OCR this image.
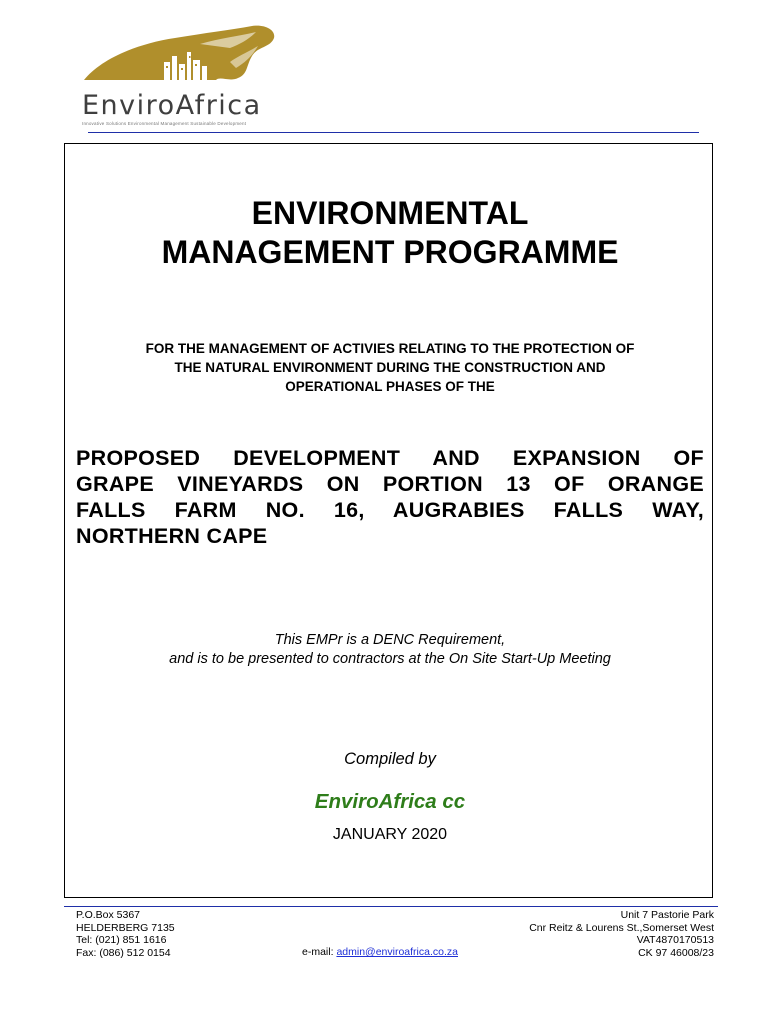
EnviroAfrica
Innovative Solutions Environmental Management Sustainable Development
ENVIRONMENTAL
MANAGEMENT PROGRAMME
FOR THE MANAGEMENT OF ACTIVIES RELATING TO THE PROTECTION OF
THE NATURAL ENVIRONMENT DURING THE CONSTRUCTION AND
OPERATIONAL PHASES OF THE
PROPOSED DEVELOPMENT AND EXPANSION OF
GRAPE VINEYARDS ON PORTION 13 OF ORANGE
FALLS FARM NO. 16, AUGRABIES FALLS WAY,
NORTHERN CAPE
This EMPr is a DENC Requirement,
and is to be presented to contractors at the On Site Start-Up Meeting
Compiled by
EnviroAfrica cc
JANUARY 2020
P.O.Box 5367
HELDERBERG 7135
Tel: (021) 851 1616
Fax: (086) 512 0154	e-mail: admin@enviroafrica.co.za
Unit 7 Pastorie Park
Cnr Reitz & Lourens St.,Somerset West
VAT4870170513
CK 97 46008/23
